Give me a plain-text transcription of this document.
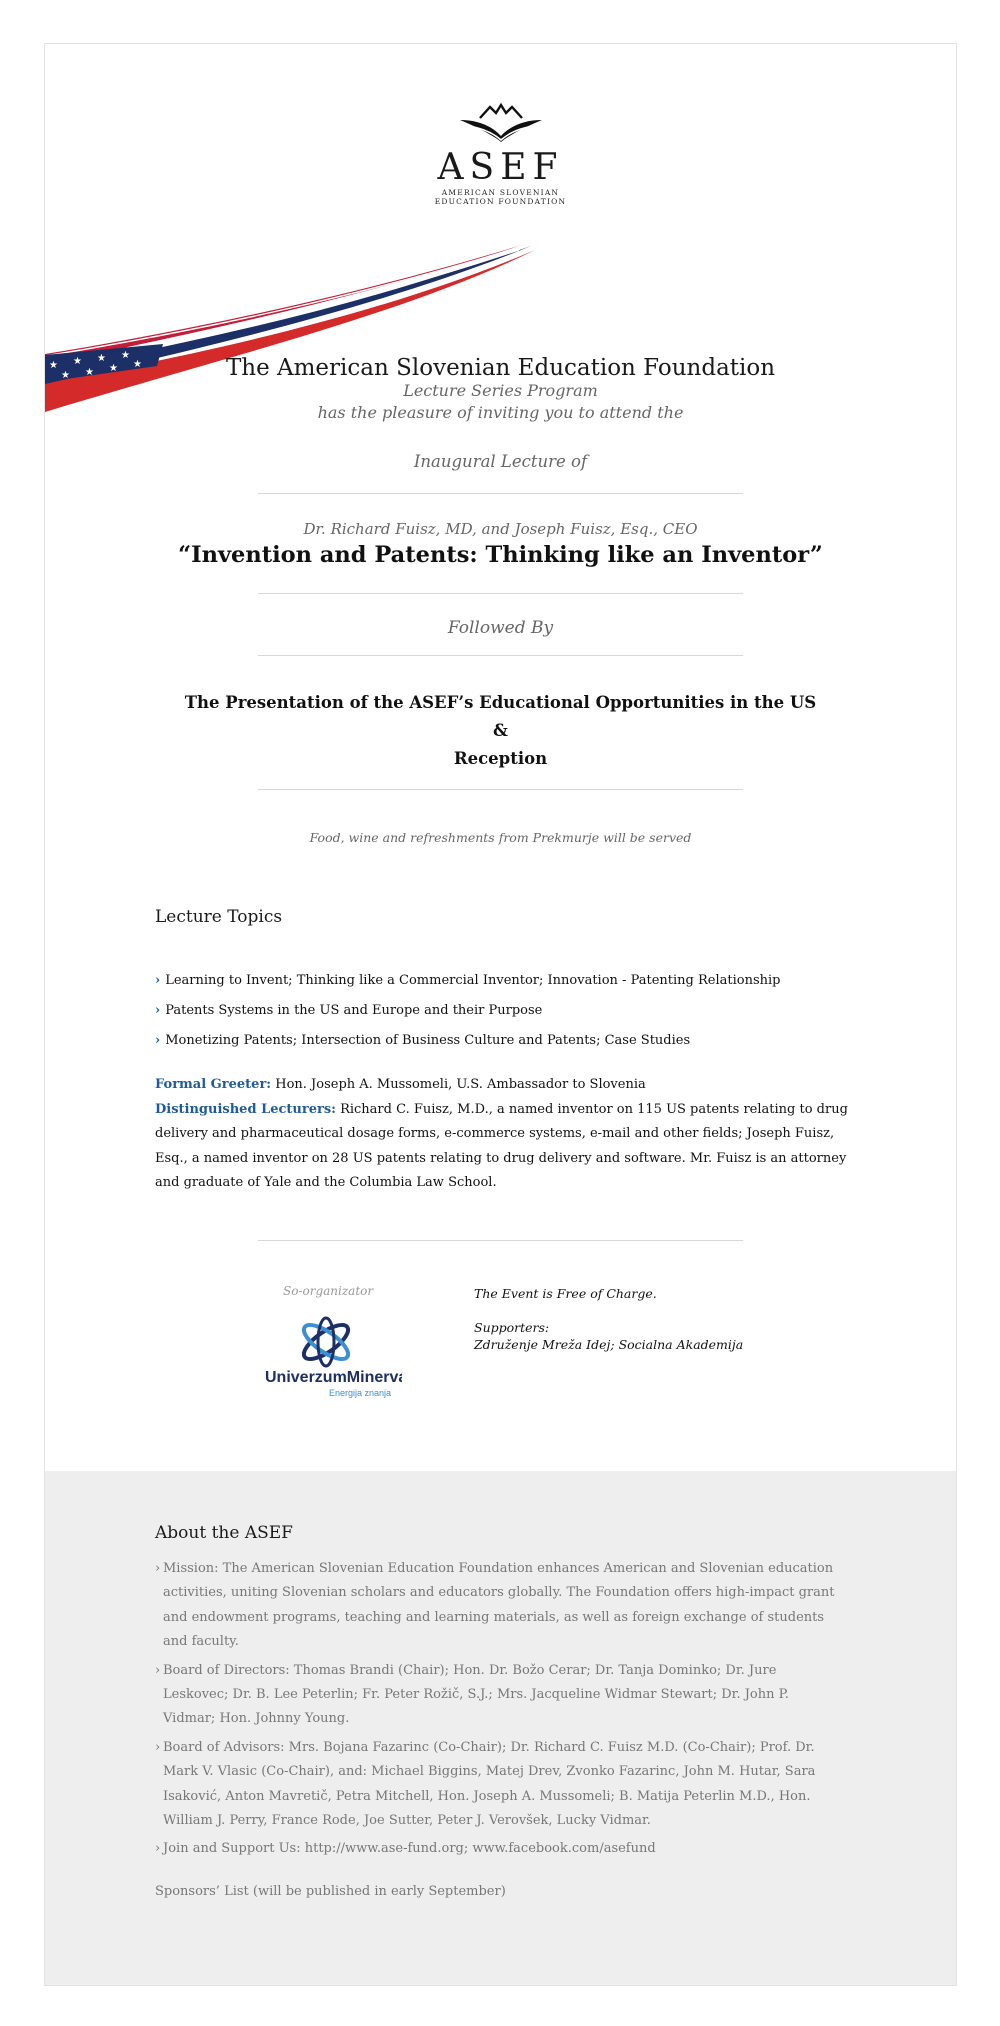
ASEF
AMERICAN SLOVENIAN
EDUCATION FOUNDATION
★ ★ ★ ★
★ ★ ★ ★	The American Slovenian Education Foundation
Lecture Series Program
has the pleasure of inviting you to attend the
Inaugural Lecture of
Dr. Richard Fuisz, MD, and Joseph Fuisz, Esq., CEO
“Invention and Patents: Thinking like an Inventor”
Followed By
The Presentation of the ASEF’s Educational Opportunities in the US
&
Reception
Food, wine and refreshments from Prekmurje will be served
Lecture Topics
› Learning to Invent; Thinking like a Commercial Inventor; Innovation - Patenting Relationship
› Patents Systems in the US and Europe and their Purpose
› Monetizing Patents; Intersection of Business Culture and Patents; Case Studies
Formal Greeter: Hon. Joseph A. Mussomeli, U.S. Ambassador to Slovenia
Distinguished Lecturers: Richard C. Fuisz, M.D., a named inventor on 115 US patents relating to drug delivery and pharmaceutical dosage forms, e-commerce systems, e-mail and other fields; Joseph Fuisz, Esq., a named inventor on 28 US patents relating to drug delivery and software. Mr. Fuisz is an attorney and graduate of Yale and the Columbia Law School.
So-organizator
UniverzumMinerva
Energija znanja
The Event is Free of Charge.
Supporters:
Združenje Mreža Idej; Socialna Akademija
About the ASEF
› Mission: The American Slovenian Education Foundation enhances American and Slovenian education activities, uniting Slovenian scholars and educators globally. The Foundation offers high-impact grant and endowment programs, teaching and learning materials, as well as foreign exchange of students and faculty.
› Board of Directors: Thomas Brandi (Chair); Hon. Dr. Božo Cerar; Dr. Tanja Dominko; Dr. Jure Leskovec; Dr. B. Lee Peterlin; Fr. Peter Rožič, S.J.; Mrs. Jacqueline Widmar Stewart; Dr. John P. Vidmar; Hon. Johnny Young.
› Board of Advisors: Mrs. Bojana Fazarinc (Co-Chair); Dr. Richard C. Fuisz M.D. (Co-Chair); Prof. Dr. Mark V. Vlasic (Co-Chair), and: Michael Biggins, Matej Drev, Zvonko Fazarinc, John M. Hutar, Sara Isaković, Anton Mavretič, Petra Mitchell, Hon. Joseph A. Mussomeli; B. Matija Peterlin M.D., Hon. William J. Perry, France Rode, Joe Sutter, Peter J. Verovšek, Lucky Vidmar.
› Join and Support Us: http://www.ase-fund.org; www.facebook.com/asefund
Sponsors’ List (will be published in early September)
